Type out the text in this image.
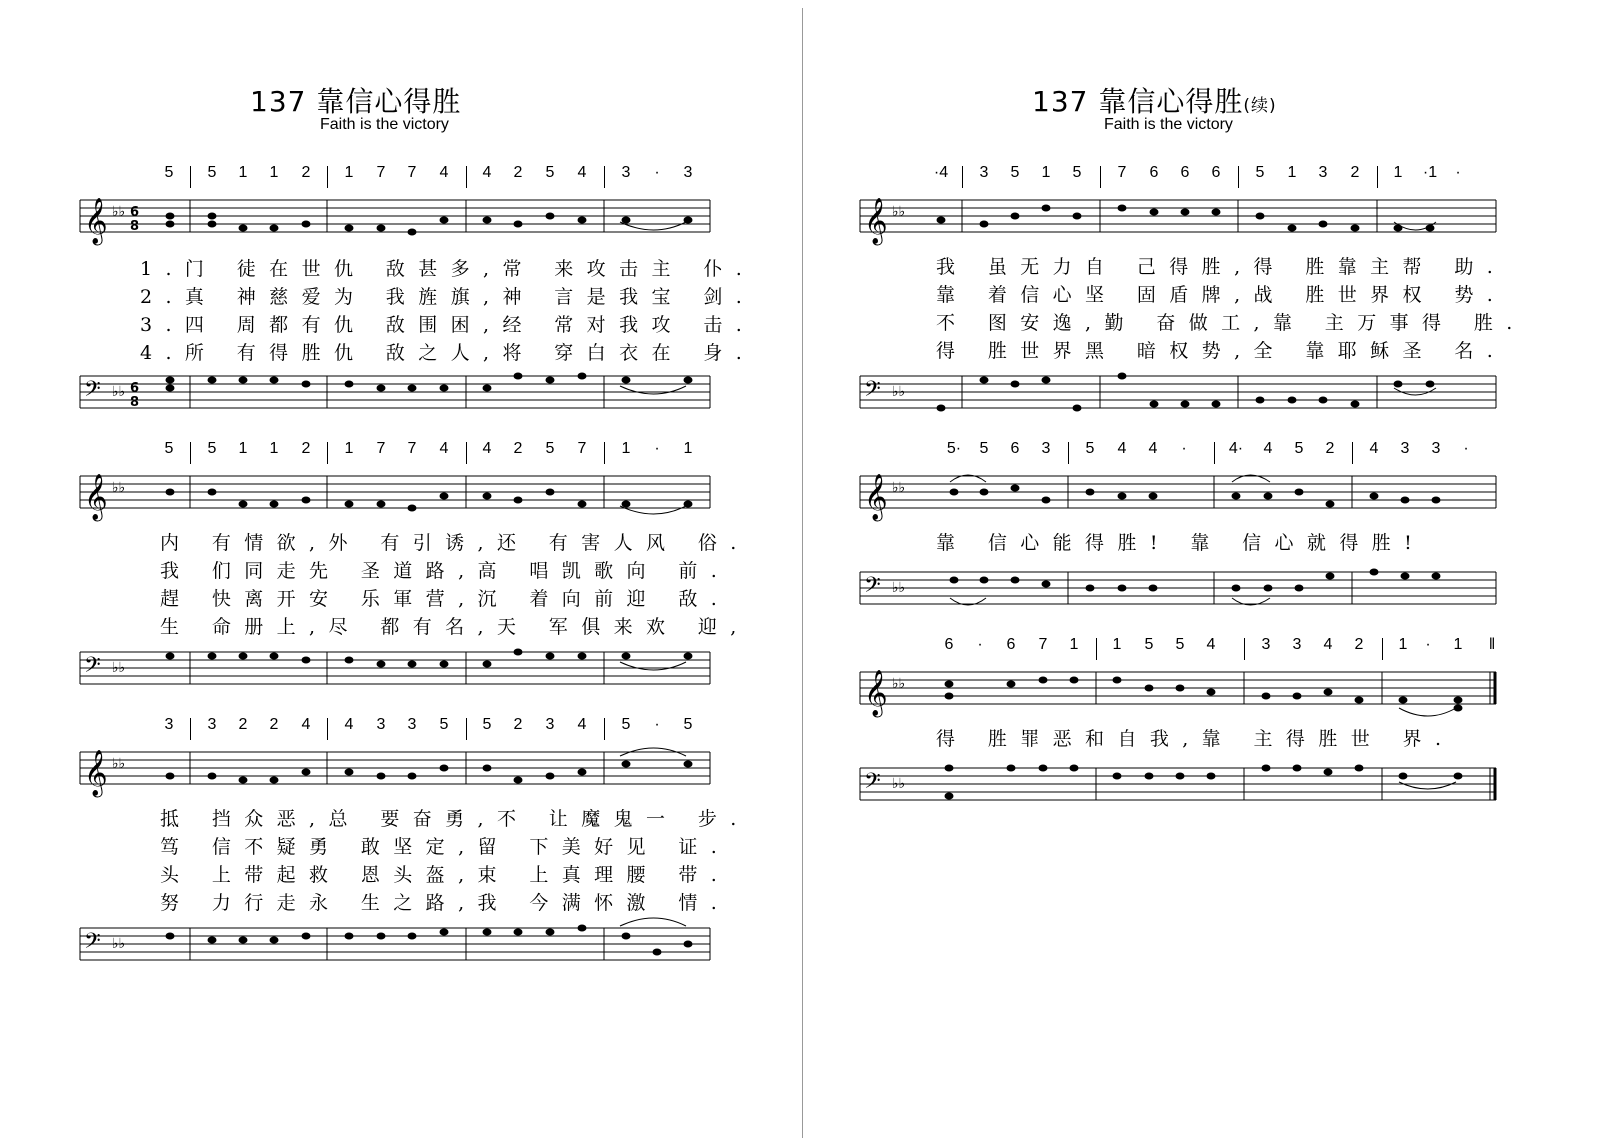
137 靠信心得胜
Faith is the victory
5 5 1 1 2 1 7 7 4 4 2 5 4 3 · 3
𝄞 ♭♭ 6
8
1.门 徒在世仇 敌甚多,常 来攻击主 仆.
2.真 神慈爱为 我旌旗,神 言是我宝 剑.
3.四 周都有仇 敌围困,经 常对我攻 击.
4.所 有得胜仇 敌之人,将 穿白衣在 身.
𝄢 ♭♭ 6
8
5 5 1 1 2 1 7 7 4 4 2 5 7 1 · 1
𝄞 ♭♭
内 有情欲,外 有引诱,还 有害人风 俗.
我 们同走先 圣道路,高 唱凯歌向 前.
趕 快离开安 乐軍营,沉 着向前迎 敌.
生 命册上,尽 都有名,天 军俱来欢 迎,
𝄢 ♭♭
3 3 2 2 4 4 3 3 5 5 2 3 4 5 · 5
𝄞 ♭♭
抵 挡众恶,总 要奋勇,不 让魔鬼一 步.
笃 信不疑勇 敢坚定,留 下美好见 证.
头 上带起救 恩头盔,束 上真理腰 带.
努 力行走永 生之路,我 今满怀激 情.
𝄢 ♭♭
137 靠信心得胜(续)
Faith is the victory
·4 3 5 1 5 7 6 6 6 5 1 3 2 1 ·1 ·
𝄞 ♭♭
我 虽无力自 己得胜,得 胜靠主帮 助.
靠 着信心坚 固盾牌,战 胜世界权 势.
不 图安逸,勤 奋做工,靠 主万事得 胜.
得 胜世界黑 暗权势,全 靠耶稣圣 名.
𝄢 ♭♭
5· 5 6 3 5 4 4 ·	4· 4 5 2 4 3 3 ·
𝄞 ♭♭
靠 信心能得胜! 靠 信心就得胜!
𝄢 ♭♭
6 · 6 7 1 1 5 5 4	3 3 4 2 1 · 1 ‖
𝄞 ♭♭
得 胜罪恶和自我,靠 主得胜世 界.
𝄢 ♭♭
